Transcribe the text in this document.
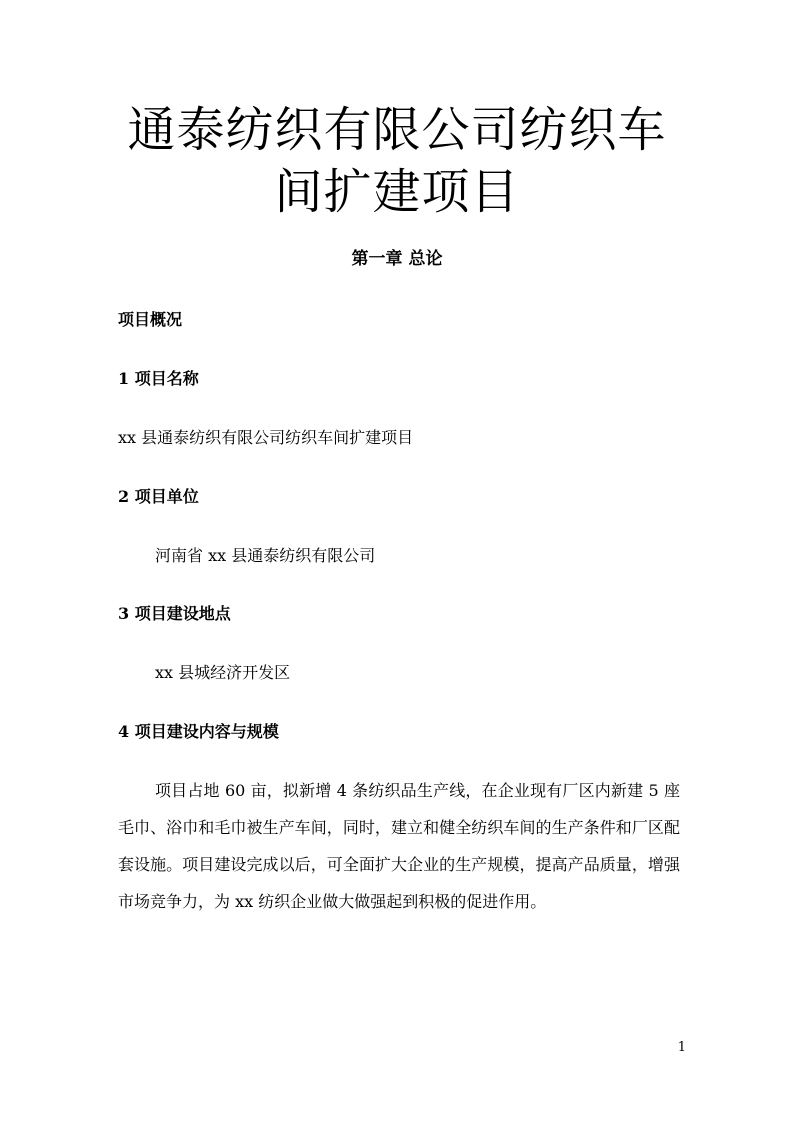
通泰纺织有限公司纺织车
间扩建项目
第一章 总论
项目概况
1 项目名称

xx 县通泰纺织有限公司纺织车间扩建项目

2 项目单位

河南省 xx 县通泰纺织有限公司

3 项目建设地点

xx 县城经济开发区

4 项目建设内容与规模

项目占地 60 亩，拟新增 4 条纺织品生产线，在企业现有厂区内新建 5 座毛巾、浴巾和毛巾被生产车间，同时，建立和健全纺织车间的生产条件和厂区配套设施。项目建设完成以后，可全面扩大企业的生产规模，提高产品质量，增强市场竞争力，为 xx 纺织企业做大做强起到积极的促进作用。

1
